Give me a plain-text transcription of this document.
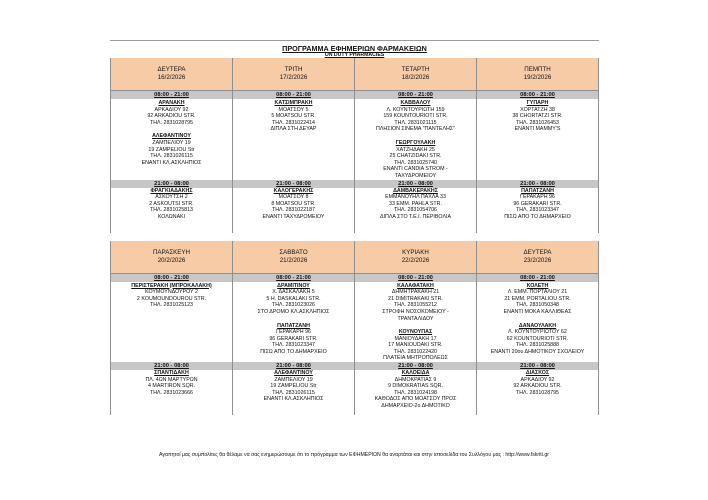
ΠΡΟΓΡΑΜΜΑ ΕΦΗΜΕΡΙΩΝ ΦΑΡΜΑΚΕΙΩΝ
ON DUTY PHARMACIES
ΔΕΥΤΕΡΑ
16/2/2026
08:00 - 21:00
ΑΡΑΝΑΚΗ
ΑΡΚΑΔΙΟΥ 92
92 ARKADIOU STR.
ΤΗΛ. 2831028795
ΑΛΕΦΑΝΤΙΝΟΥ
ΖΑΜΠΕΛΙΟΥ 19
19 ZAMPELIOU Str
ΤΗΛ. 2831026115
ΕΝΑΝΤΙ ΚΛ.ΑΣΚΛΗΠΙΟΣ
21:00 - 08:00
ΦΡΑΓΚΙΑΔΑΚΗΣ
ΑΣΚΟΥΤΣΗ 2
2 ASKOUTSI STR.
ΤΗΛ. 2831025813
ΚΟΛΩΝΑΚΙ
ΤΡΙΤΗ
17/2/2026
08:00 - 21:00
ΚΑΤΣΙΜΠΡΑΚΗ
ΜΟΑΤΣΟΥ 5
5 MOATSOU STR.
ΤΗΛ. 2831022414
ΔΙΠΛΑ ΣΤΗ ΔΕΥΑΡ
21:00 - 08:00
ΚΑΛΟΓΕΡΑΚΗΣ
ΜΟΑΤΣΟΥ 8
8 MOATSOU STR.
ΤΗΛ. 2831022187
ΕΝΑΝΤΙ ΤΑΧΥΔΡΟΜΕΙΟΥ
ΤΕΤΑΡΤΗ
18/2/2026
08:00 - 21:00
ΚΑΒΒΑΛΟΥ
Λ. ΚΟΥΝΤΟΥΡΙΩΤΗ 159
159 KOUNTOURIOTI STR.
ΤΗΛ. 2831021115
ΠΛΗΣΙΟΝ ΣΙΝΕΜΑ "ΠΑΝΤΕΛΗΣ"
ΓΕΩΡΓΟΥΛΑΚΗ
ΧΑΤΖΗΔΑΚΗ 25
25 CHATZIDAKI STR.
ΤΗΛ. 2831025740
ΕΝΑΝΤΙ CANDIA STROM -
ΤΑΧΥΔΡΟΜΕΙΟΥ
21:00 - 08:00
ΔΑΜΒΑΚΕΡΑΚΗΣ
ΕΜΜΑΝΟΥΗΛ ΠΑΧΛΑ 33
33 EMM. PAHLA STR.
ΤΗΛ. 2831054706
ΔΙΠΛΑ ΣΤΟ Τ.Ε.Ι. ΠΕΡΙΒΟΛΙΑ
ΠΕΜΠΤΗ
19/2/2026
08:00 - 21:00
ΓΥΠΑΡΗ
ΧΟΡΤΑΤΖΗ 38
38 CHORTATZI STR.
ΤΗΛ. 2831026453
ΕΝΑΝΤΙ MAMMY'S
21:00 - 08:00
ΠΑΠΑΤΖΑΝΗ
ΓΕΡΑΚΑΡΗ 96
96 GERAKARI STR.
ΤΗΛ. 2831023347
ΠΙΣΩ ΑΠΟ ΤΟ ΔΗΜΑΡΧΕΙΟ
ΠΑΡΑΣΚΕΥΗ
20/2/2026
08:00 - 21:00
ΠΕΡΙΣΤΕΡΑΚΗ (ΜΠΡΟΚΑΛΑΚΗ)
ΚΟΥΜΟΥΝΔΟΥΡΟΥ 2
2 KOUMOUNDOUROU STR.
ΤΗΛ. 2831025123
21:00 - 08:00
ΣΠΑΝΤΙΔΑΚΗ
ΠΛ. 4ΩΝ ΜΑΡΤΥΡΩΝ
4 MARTIRON SQR.
ΤΗΛ. 2831023666
ΣΑΒΒΑΤΟ
21/2/2026
08:00 - 21:00
ΔΡΑΜΙΤΙΝΟΥ
Χ. ΔΑΣΚΑΛΑΚΗ 5
5 H. DASKALAKI STR.
ΤΗΛ. 2831023026
ΣΤΟ ΔΡΟΜΟ ΚΛ.ΑΣΚΛΗΠΙΟΣ
ΠΑΠΑΤΖΑΝΗ
ΓΕΡΑΚΑΡΗ 96
96 GERAKARI STR.
ΤΗΛ. 2831023347
ΠΙΣΩ ΑΠΟ ΤΟ ΔΗΜΑΡΧΕΙΟ
21:00 - 08:00
ΑΛΕΦΑΝΤΙΝΟΥ
ΖΑΜΠΕΛΙΟΥ 19
19 ZAMPELIOU Str
ΤΗΛ. 2831026115
ΕΝΑΝΤΙ ΚΛ.ΑΣΚΛΗΠΙΟΣ
ΚΥΡΙΑΚΗ
22/2/2026
08:00 - 21:00
ΚΑΛΑΦΑΤΑΚΗ
ΔΗΜΗΤΡΑΚΑΚΗ 21
21 DIMITRAKAKI STR.
ΤΗΛ. 2831055212
ΣΤΡΟΦΗ ΝΟΣΟΚΟΜΕΙΟΥ -
ΤΡΑΝΤΑΛΙΔΟΥ
ΚΟΥΝΟΥΠΑΣ
ΜΑΝΙΟΥΔΑΚΗ 17
17 MANIOUDAKI STR.
ΤΗΛ. 2831022420
ΠΛΑΤΕΙΑ ΜΗΤΡΟΠΟΛΕΩΣ
21:00 - 08:00
ΚΑΛΟΕΙΔΑ
ΔΗΜΟΚΡΑΤΙΑΣ 9
9 DIMOKRATIAS SQR.
ΤΗΛ. 2831024198
ΚΑΘΟΔΟΣ ΑΠΟ ΜΟΑΤΣΟΥ ΠΡΟΣ
ΔΗΜΑΡΧΕΙΟ-2ο ΔΗΜΟΤΙΚΟ
ΔΕΥΤΕΡΑ
23/2/2026
08:00 - 21:00
ΚΟΛΕΤΗ
Λ. ΕΜΜ. ΠΟΡΤΑΛΙΟΥ 21
21 EMM. PORTALIOU STR.
ΤΗΛ. 2831050348
ΕΝΑΝΤΙ ΜΟΚΑ ΚΑΛΛΙΘΕΑΣ
ΔΑΝΑΟΥΛΑΚΗ
Λ. ΚΟΥΝΤΟΥΡΙΩΤΟΥ 62
62 KOUNTOURIOTI STR.
ΤΗΛ. 2831025888
ΕΝΑΝΤΙ 20ου ΔΗΜΟΤΙΚΟΥ ΣΧΟΛΕΙΟΥ
21:00 - 08:00
ΔΙΑΣΚΟΣ
ΑΡΚΑΔΙΟΥ 92
92 ARKADIOU STR.
ΤΗΛ. 2831028795
Αγαπητοί μας συμπολίτες θα θέλαμε να σας ενημερώσουμε ότι το πρόγραμμα των ΕΦΗΜΕΡΙΩΝ θα αναρτάται και στην ιστοσελίδα του Συλλόγου μας : http://www.fskriti.gr
